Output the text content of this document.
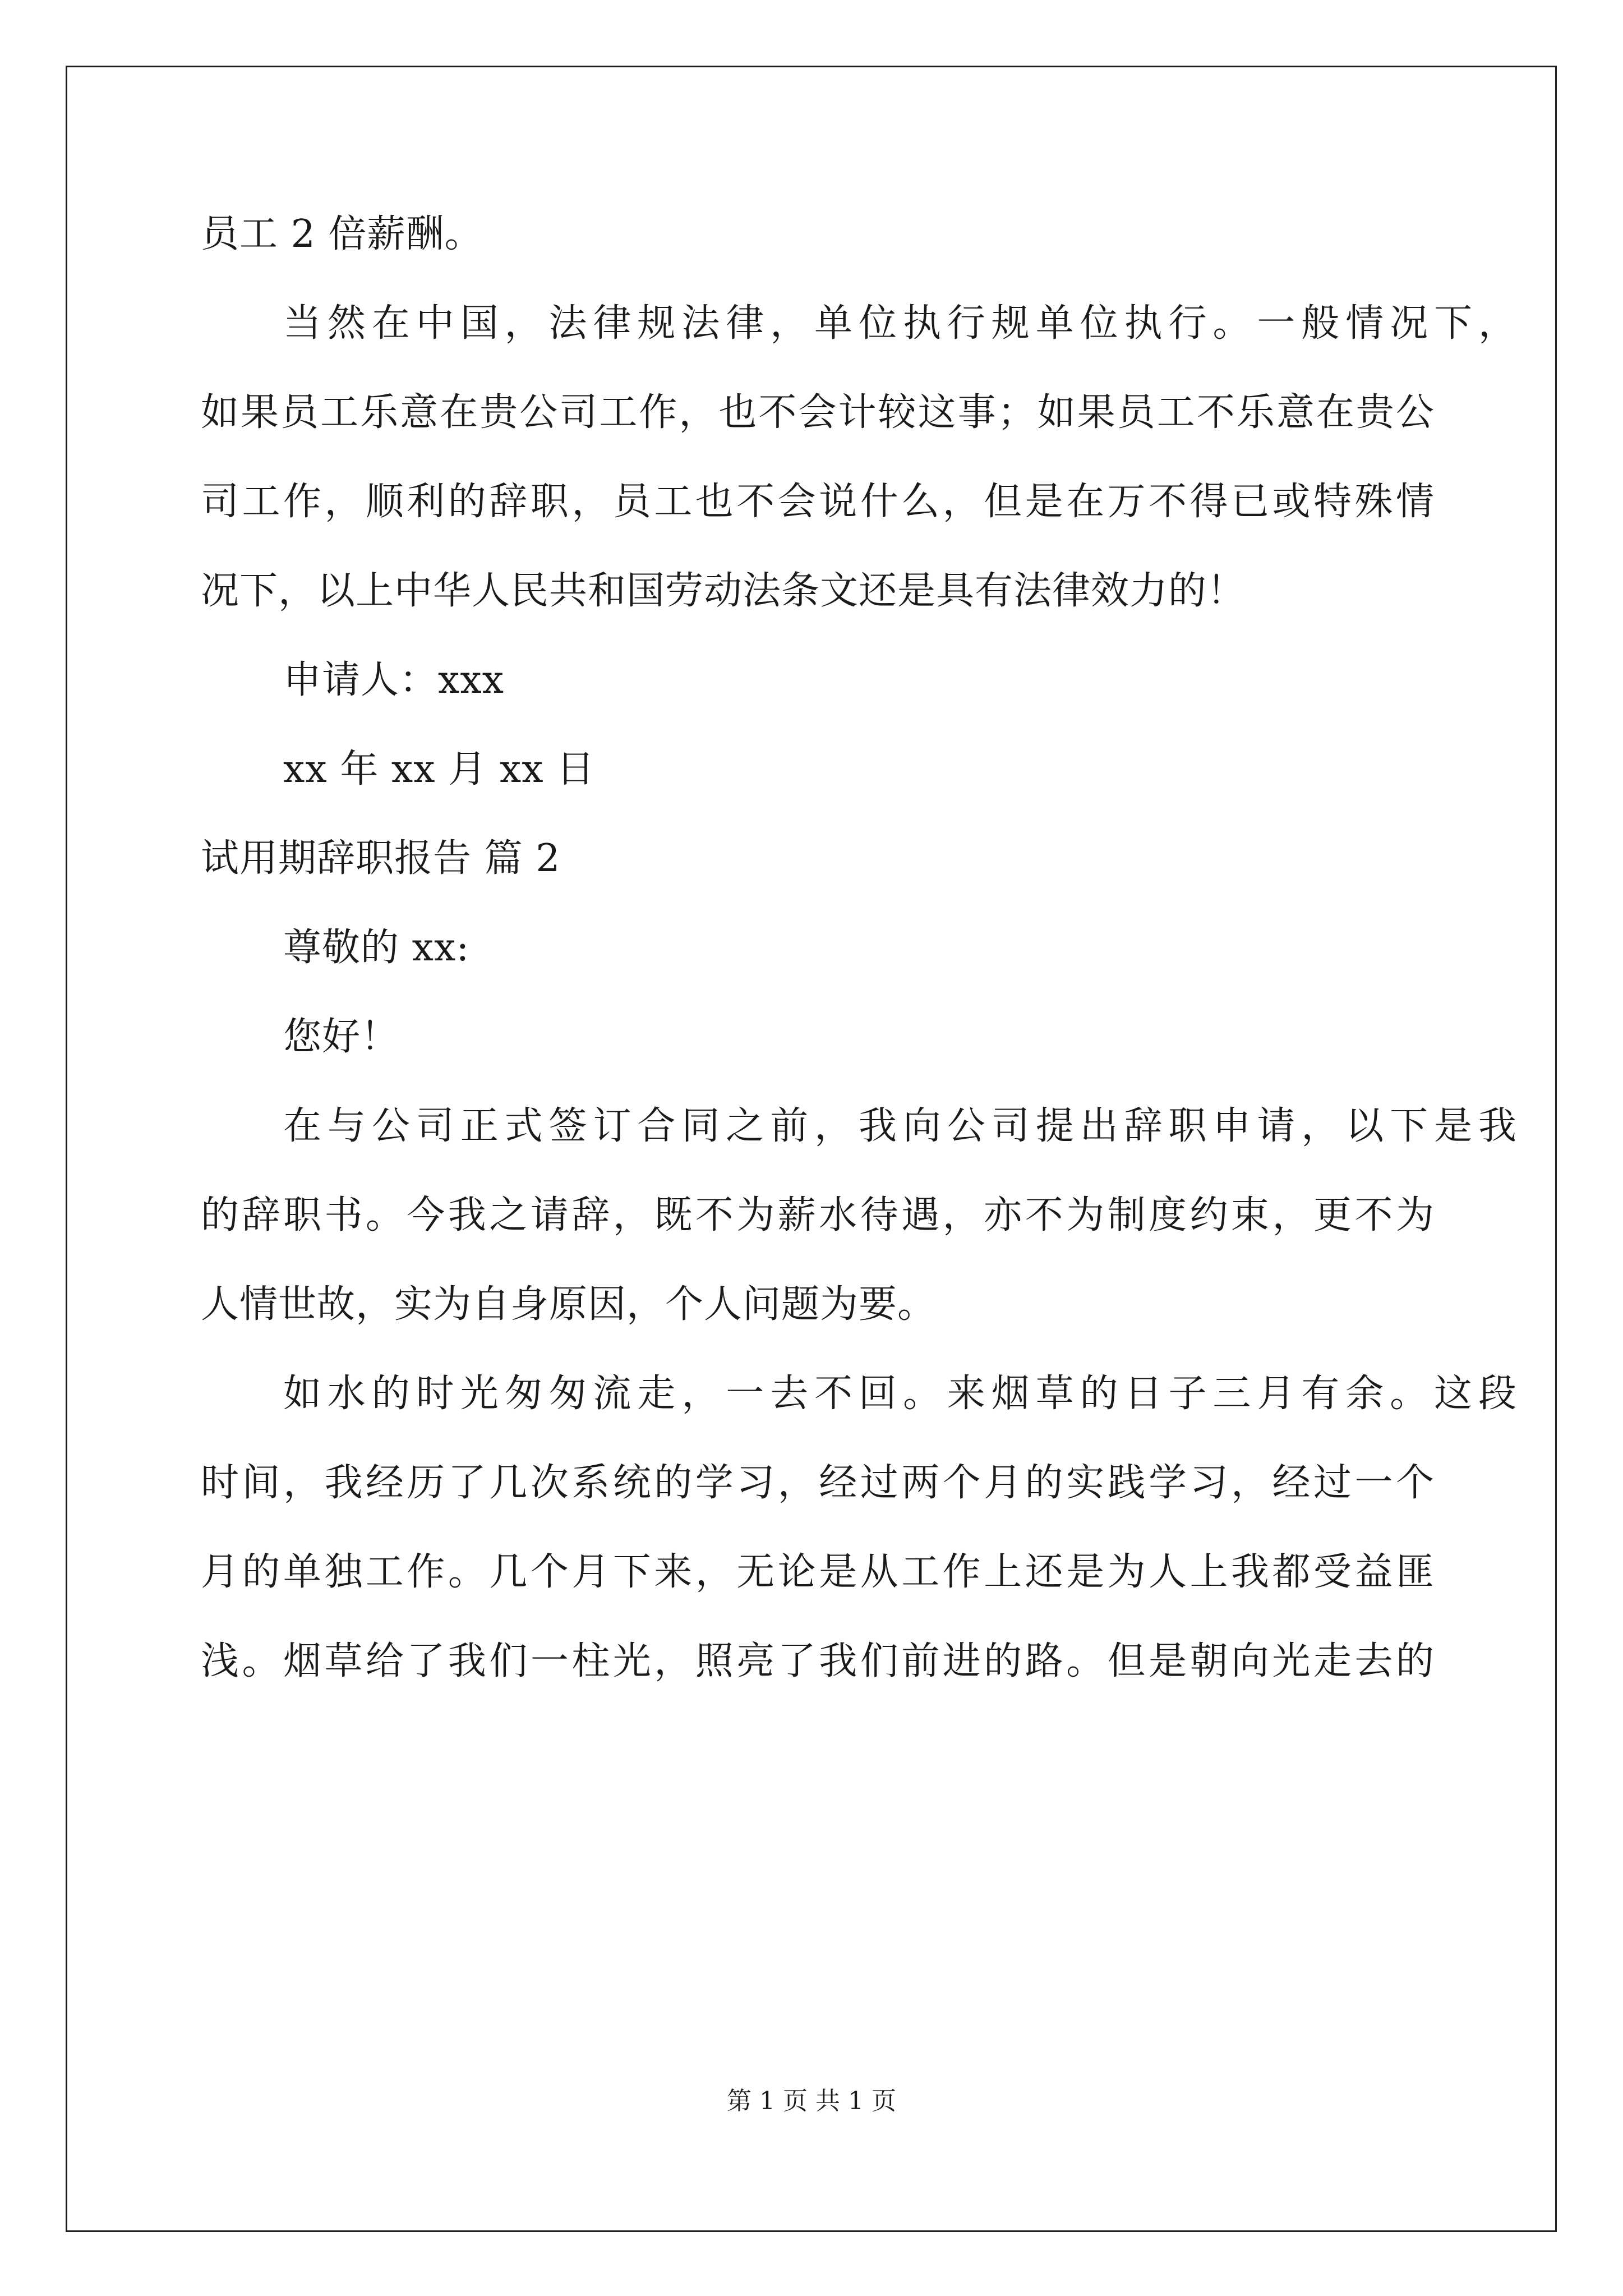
员工 2 倍薪酬。
当然在中国，法律规法律，单位执行规单位执行。一般情况下，
如果员工乐意在贵公司工作，也不会计较这事；如果员工不乐意在贵公
司工作，顺利的辞职，员工也不会说什么，但是在万不得已或特殊情
况下，以上中华人民共和国劳动法条文还是具有法律效力的！
申请人：xxx
xx 年 xx 月 xx 日
试用期辞职报告 篇 2
尊敬的 xx:
您好！
在与公司正式签订合同之前，我向公司提出辞职申请，以下是我
的辞职书。今我之请辞，既不为薪水待遇，亦不为制度约束，更不为
人情世故，实为自身原因，个人问题为要。
如水的时光匆匆流走，一去不回。来烟草的日子三月有余。这段
时间，我经历了几次系统的学习，经过两个月的实践学习，经过一个
月的单独工作。几个月下来，无论是从工作上还是为人上我都受益匪
浅。烟草给了我们一柱光，照亮了我们前进的路。但是朝向光走去的
第 1 页 共 1 页
